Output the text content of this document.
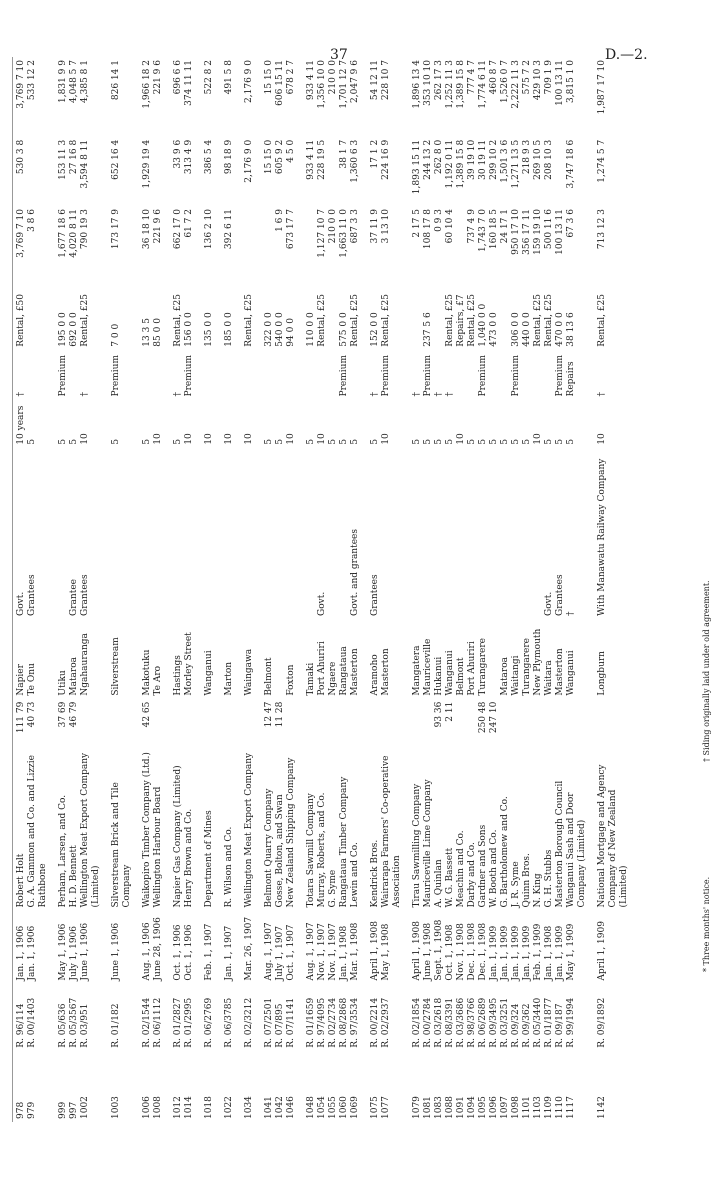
37	D.—2.
978	R. 96/114	Jan. 1, 1906	Robert Holt	111 79	Napier	Govt.	10 years	†	Rental, £50	3,769 7 10	530 3 8	3,769 7 10
979	R. 00/1403	Jan. 1, 1906	G. A. Gammon and Co. and Lizzie Rathbone	40 73	Te Onu	Grantees	5			3 8 6		533 12 2
999	R. 05/636	May 1, 1906	Perham, Larsen, and Co.	37 69	Utiku		5	Premium	195 0 0	1,677 18 6	153 11 3	1,831 9 9
997	R. 05/3567	July 1, 1906	H. D. Bennett	46 79	Mataroa	Grantee	5		692 0 0	4,020 8 11	27 16 8	4,048 5 7
1002	R. 03/951	June 1, 1906	Wellington Meat Export Company (Limited)		Ngahauranga	Grantees	10	†	Rental, £25	790 19 3	3,594 8 11	4,385 8 1
1003	R. 01/182	June 1, 1906	Silverstream Brick and Tile Company		Silverstream		5	Premium	7 0 0	173 17 9	652 16 4	826 14 1
1006	R. 02/1544	Aug. 1, 1906	Waikopiro Timber Company (Ltd.)	42 65	Makotuku		5		13 3 5	36 18 10	1,929 19 4	1,966 18 2
1008	R. 06/1112	June 28, 1906	Wellington Harbour Board		Te Aro		10		85 0 0	221 9 6		221 9 6
1012	R. 01/2827	Oct. 1, 1906	Napier Gas Company (Limited)		Hastings		5	†	Rental, £25	662 17 0	33 9 6	696 6 6
1014	R. 01/2995	Oct. 1, 1906	Henry Brown and Co.		Morley Street		10	Premium	156 0 0	61 7 2	313 4 9	374 11 11
1018	R. 06/2769	Feb. 1, 1907	Department of Mines		Wanganui		10		135 0 0	136 2 10	386 5 4	522 8 2
1022	R. 06/3785	Jan. 1, 1907	R. Wilson and Co.		Marton		10		185 0 0	392 6 11	98 18 9	491 5 8
1034	R. 02/3212	Mar. 26, 1907	Wellington Meat Export Company		Waingawa		10		Rental, £25		2,176 9 0	2,176 9 0
1041	R. 07/2501	Aug. 1, 1907	Belmont Quarry Company	12 47	Belmont		5		322 0 0		15 15 0	15 15 0
1042	R. 07/895	July 1, 1907	Gosse, Bolton, and Swan	11 28			5		540 0 0	1 6 9	605 9 2	606 15 11
1046	R. 07/1141	Oct. 1, 1907	New Zealand Shipping Company		Foxton		10		94 0 0	673 17 7	4 5 0	678 2 7
1048	R. 01/1659	Aug. 1, 1907	Totara Sawmill Company		Tamaki		5		110 0 0		933 4 11	933 4 11
1054	R. 97/4095	Nov. 1, 1907	Murray, Roberts, and Co.		Port Ahuriri	Govt.	10		Rental, £25	1,127 10 7	228 19 5	1,356 10 0
1055	R. 02/2734	Nov. 1, 1907	G. Syme		Ngaere		5			210 0 0		210 0 0
1060	R. 08/2868	Jan. 1, 1908	Rangataua Timber Company		Rangataua		5	Premium	575 0 0	1,663 11 0	38 1 7	1,701 12 7
1069	R. 97/3534	Mar. 1, 1908	Lewin and Co.		Masterton	Govt. and grantees	5		Rental, £25	687 3 3	1,360 6 3	2,047 9 6
1075	R. 00/2214	April 1, 1908	Kendrick Bros.		Aramoho	Grantees	5	†	152 0 0	37 11 9	17 1 2	54 12 11
1077	R. 02/2937	May 1, 1908	Wairarapa Farmers' Co-operative Association		Masterton		10	Premium	Rental, £25	3 13 10	224 16 9	228 10 7
1079	R. 02/1854	April 1, 1908	Tirau Sawmilling Company		Mangatera		5	†		2 17 5	1,893 15 11	1,896 13 4
1081	R. 00/2784	June 1, 1908	Mauriceville Lime Company		Mauriceville		5	Premium	237 5 6	108 17 8	244 13 2	353 10 10
1083	R. 03/2618	Sept. 1, 1908	A. Quinlan	93 36	Hukanui		5	†		0 9 3	262 8 0	262 17 3
1088	R. 08/3391	Oct. 1, 1908	W. G. Bassett	2 11	Wanganui		5	†	Rental, £25	60 10 4	1,192 0 11	1,252 11 3
1091	R. 03/3686	Nov. 1, 1908	Meachin and Co.		Belmont		10		Repairs, £7		1,389 15 8	1,389 15 8
1094	R. 98/3766	Dec. 1, 1908	Darby and Co.		Port Ahuriri		5		Rental, £25	737 4 9	39 19 10	777 4 7
1095	R. 06/2689	Dec. 1, 1908	Gardner and Sons	250 48	Turangarere		5	Premium	1,040 0 0	1,743 7 0	30 19 11	1,774 6 11
1096	R. 09/3495	Jan. 1, 1909	W. Booth and Co.	247 10			5		473 0 0	160 18 5	299 10 2	460 8 7
1097	R. 03/3251	Jan. 1, 1909	G. Bartholomew and Co.		Mataroa		5			24 17 1	1,501 3 6	1,526 0 7
1098	R. 09/324	Jan. 1, 1909	J. R. Syme		Waitangi		5	Premium	306 0 0	950 17 10	1,271 13 5	2,222 11 3
1101	R. 09/362	Jan. 1, 1909	Quinn Bros.		Turangarere		5		440 0 0	356 17 11	218 9 3	575 7 2
1103	R. 05/3440	Feb. 1, 1909	N. King		New Plymouth		10		Rental, £25	159 19 10	269 10 5	429 10 3
1109	R. 01/1877	Jan. 1, 1908	G. H. Stubbs		Waitara	Govt.	5		Rental, £25	500 11 6	208 10 3	709 1 9
1110	R. 09/187	Jan. 1, 1909	Masterton Borough Council		Masterton	Grantees	5	Premium	470 0 0	100 13 11		100 13 11
1117	R. 99/1994	May 1, 1909	Wanganui Sash and Door Company (Limited)		Wanganui	†	5	Repairs	38 13 6	67 3 6	3,747 18 6	3,815 1 0
1142	R. 09/1892	April 1, 1909	National Mortgage and Agency Company of New Zealand (Limited)		Longburn	With Manawatu Railway Company	10	†	Rental, £25	713 12 3	1,274 5 7	1,987 17 10
* Three months' notice.
† Siding originally laid under old agreement.
